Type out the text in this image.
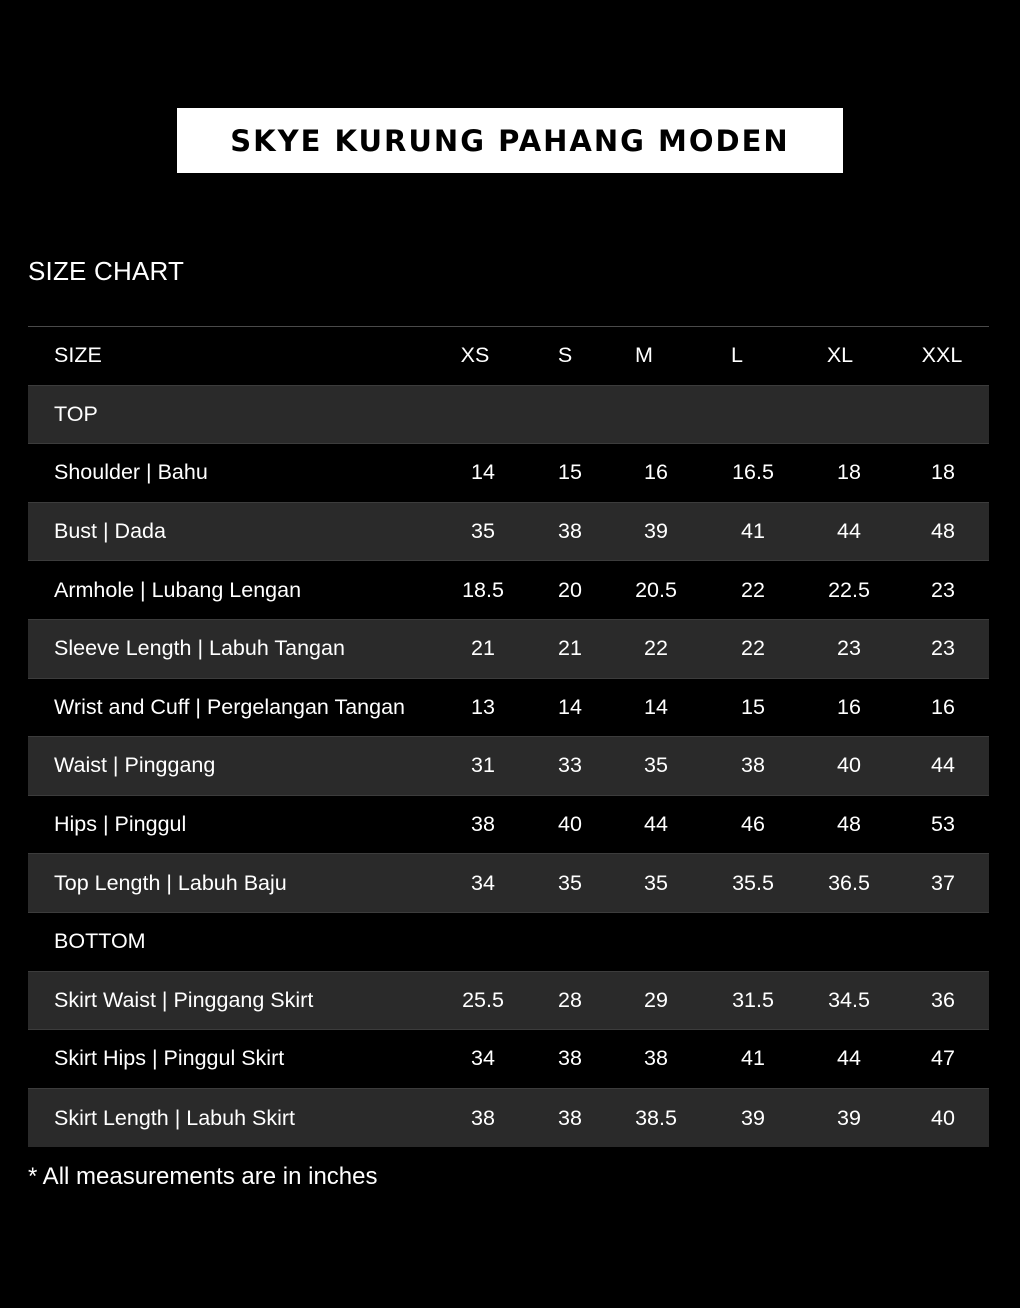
SKYE KURUNG PAHANG MODEN
SIZE CHART
SIZE	XS	S	M	L	XL	XXL
TOP
Shoulder | Bahu	14	15	16	16.5	18	18
Bust | Dada	35	38	39	41	44	48
Armhole | Lubang Lengan	18.5	20	20.5	22	22.5	23
Sleeve Length | Labuh Tangan	21	21	22	22	23	23
Wrist and Cuff | Pergelangan Tangan	13	14	14	15	16	16
Waist | Pinggang	31	33	35	38	40	44
Hips | Pinggul	38	40	44	46	48	53
Top Length | Labuh Baju	34	35	35	35.5	36.5	37
BOTTOM
Skirt Waist | Pinggang Skirt	25.5	28	29	31.5	34.5	36
Skirt Hips | Pinggul Skirt	34	38	38	41	44	47
Skirt Length | Labuh Skirt	38	38	38.5	39	39	40
* All measurements are in inches
